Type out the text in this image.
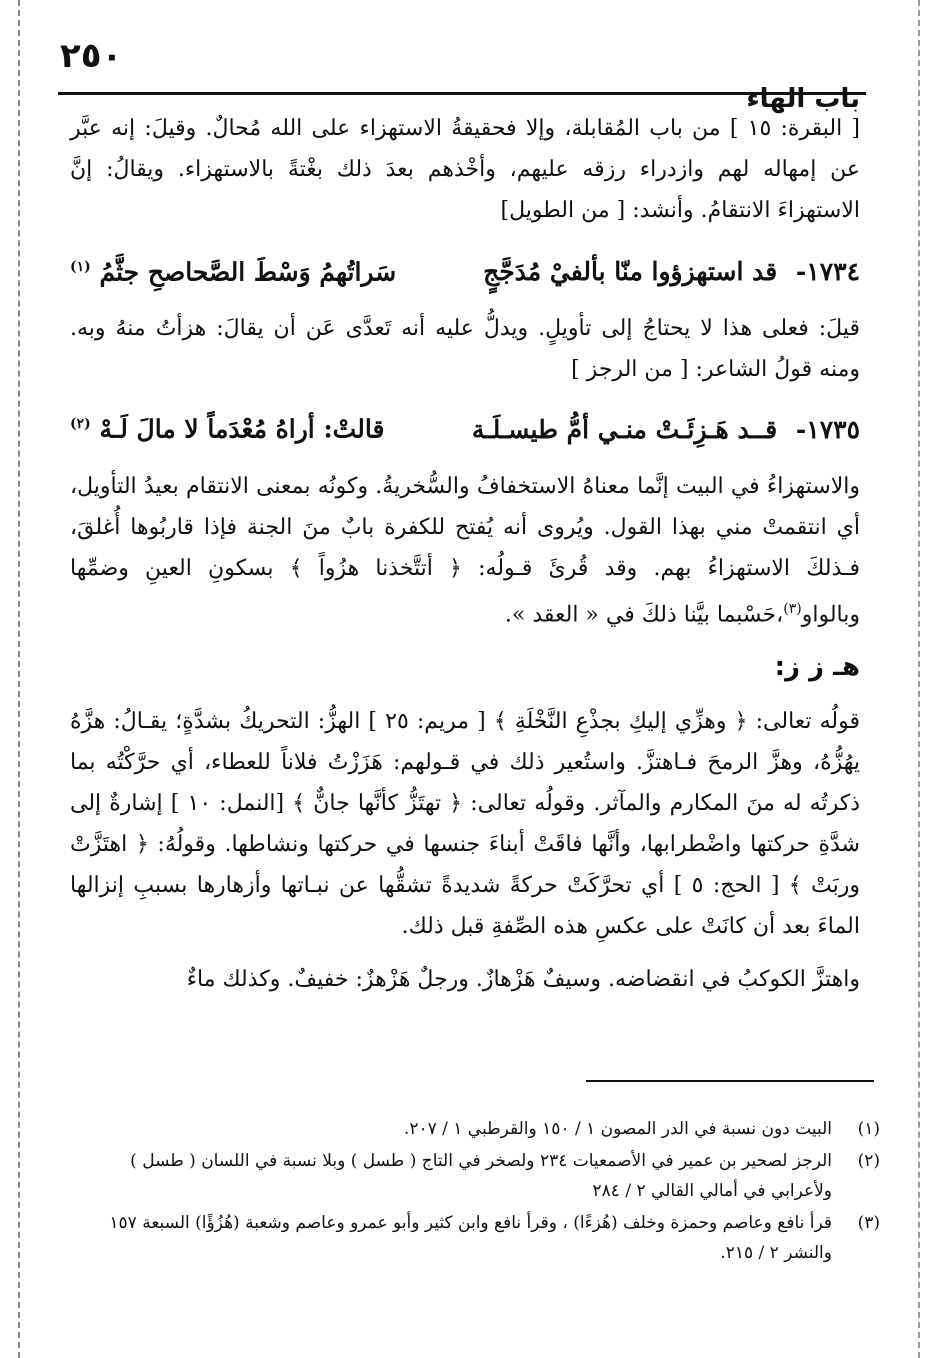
٢٥٠
باب الهاء

[ البقرة: ١٥ ] من باب المُقابلة، وإلا فحقيقةُ الاستهزاء على الله مُحالٌ. وقيلَ: إنه عبَّر عن إمهاله لهم وازدراء رزقه عليهم، وأخْذهم بعدَ ذلك بغْتةً بالاستهزاء. ويقالُ: إنَّ الاستهزاءَ الانتقامُ. وأنشد: [ من الطويل]

١٧٣٤- قد استهزؤوا منّا بألفيْ مُدَجَّجٍ
سَراتُهمُ وَسْطَ الصَّحاصحِ جثَّمُ $^{(١)}$

قيلَ: فعلى هذا لا يحتاجُ إلى تأويلٍ. ويدلُّ عليه أنه تَعدَّى عَن أن يقالَ: هزأتُ منهُ وبه. ومنه قولُ الشاعر: [ من الرجز ]

١٧٣٥- قــد هَـزِئَـتْ منـي أمُّ طيسـلَـة
قالتْ: أراهُ مُعْدَماً لا مالَ لَـهْ $^{(٢)}$

والاستهزاءُ في البيت إنَّما معناهُ الاستخفافُ والسُّخريةُ. وكونُه بمعنى الانتقام بعيدُ التأويل، أي انتقمتْ مني بهذا القول. ويُروى أنه يُفتح للكفرة بابٌ منَ الجنة فإذا قاربُوها أُغلقَ، فـذلكَ الاستهزاءُ بهم. وقد قُرئَ قـولُه: ﴿ أتتَّخذنا هزُواً ﴾ بسكونِ العينِ وضمِّها وبالواو$^{(٣)}$،حَسْبما بيَّنا ذلكَ في « العقد ».

هـ ز ز:

قولُه تعالى: ﴿ وهزِّي إليكِ بجذْعِ النَّخْلَةِ ﴾ [ مريم: ٢٥ ] الهزُّ: التحريكُ بشدَّةٍ؛ يقـالُ: هزَّهُ يهُزُّهُ، وهزَّ الرمحَ فـاهتزَّ. واستُعير ذلك في قـولهم: هَزَزْتُ فلاناً للعطاء، أي حرَّكْتُه بما ذكرتُه له منَ المكارم والمآثر. وقولُه تعالى: ﴿ تهتَزُّ كأنَّها جانٌّ ﴾ [النمل: ١٠ ] إشارةٌ إلى شدَّةِ حركتها واضْطرابها، وأنَّها فاقَتْ أبناءَ جنسها في حركتها ونشاطها. وقولُهُ: ﴿ اهتَزَّتْ وربَتْ ﴾ [ الحج: ٥ ] أي تحرَّكَتْ حركةً شديدةً تشقُّها عن نبـاتها وأزهارها بسببِ إنزالها الماءَ بعد أن كانَتْ على عكسِ هذه الصِّفةِ قبل ذلك.

واهتزَّ الكوكبُ في انقضاضه. وسيفٌ هَزْهازٌ. ورجلٌ هَزْهزٌ: خفيفٌ. وكذلك ماءٌ

(١)
البيت دون نسبة في الدر المصون ١ / ١٥٠ والقرطبي ١ / ٢٠٧.
(٢)
الرجز لصحير بن عمير في الأصمعيات ٢٣٤ ولصخر في التاج ( طسل ) وبلا نسبة في اللسان ( طسل ) ولأعرابي في أمالي القالي ٢ / ٢٨٤
(٣)
قرأ نافع وعاصم وحمزة وخلف (هُزءًا) ، وقرأ نافع وابن كثير وأبو عمرو وعاصم وشعبة (هُزُؤًا) السبعة ١٥٧ والنشر ٢ / ٢١٥.
